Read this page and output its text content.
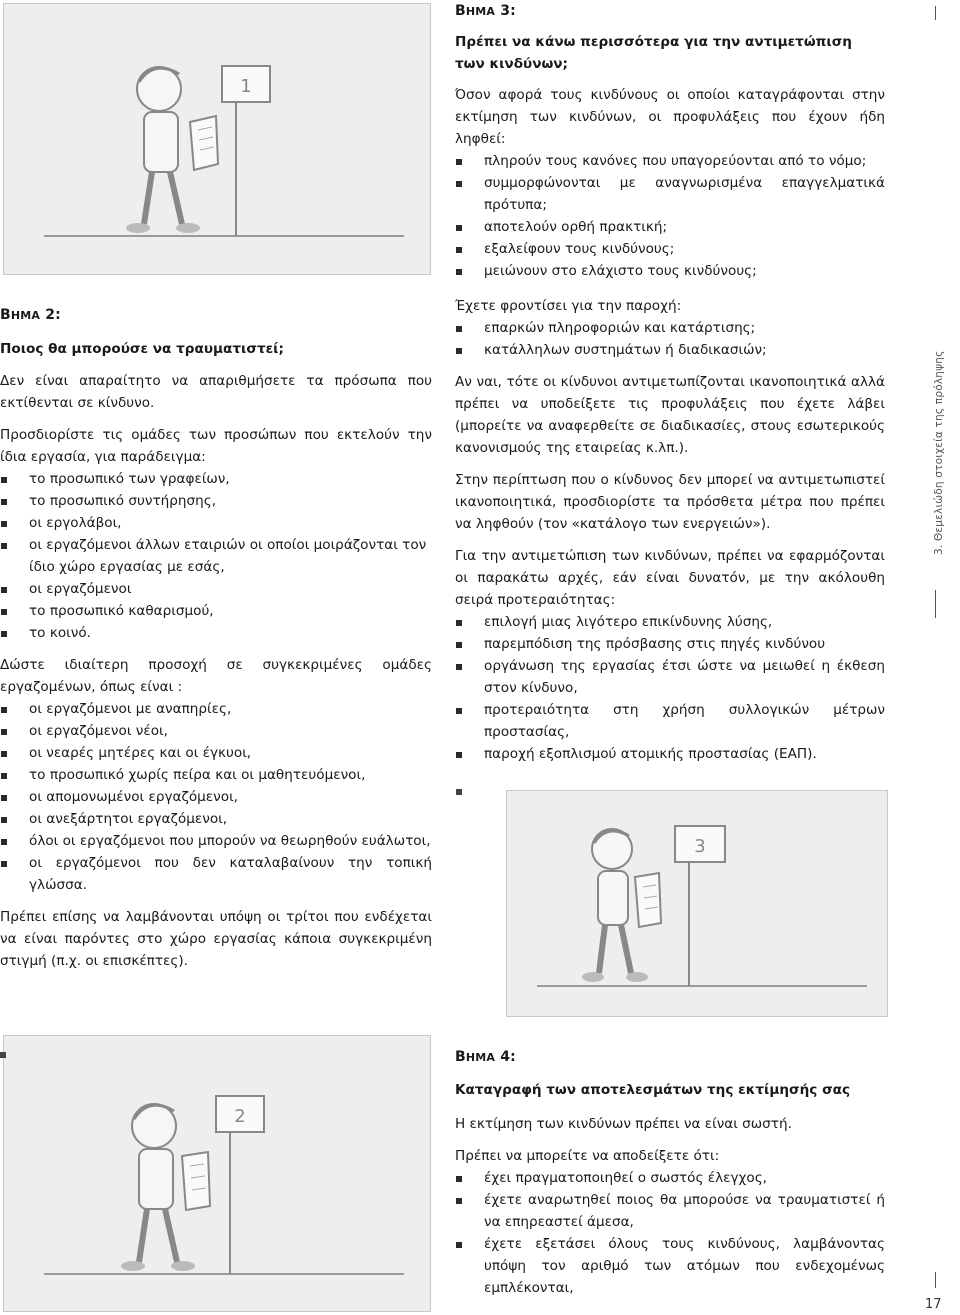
1

ΒΗΜΑ 2:

Ποιος θα μπορούσε να τραυματιστεί;

Δεν είναι απαραίτητο να απαριθμήσετε τα πρόσωπα που εκτίθενται σε κίνδυνο.

Προσδιορίστε τις ομάδες των προσώπων που εκτελούν την ίδια εργασία, για παράδειγμα:

το προσωπικό των γραφείων,
το προσωπικό συντήρησης,
οι εργολάβοι,
οι εργαζόμενοι άλλων εταιριών οι οποίοι μοιράζονται τον ίδιο χώρο εργασίας με εσάς,
οι εργαζόμενοι
το προσωπικό καθαρισμού,
το κοινό.

Δώστε ιδιαίτερη προσοχή σε συγκεκριμένες ομάδες εργαζομένων, όπως είναι :

οι εργαζόμενοι με αναπηρίες,
οι εργαζόμενοι νέοι,
οι νεαρές μητέρες και οι έγκυοι,
το προσωπικό χωρίς πείρα και οι μαθητευόμενοι,
οι απομονωμένοι εργαζόμενοι,
οι ανεξάρτητοι εργαζόμενοι,
όλοι οι εργαζόμενοι που μπορούν να θεωρηθούν ευάλωτοι,
οι εργαζόμενοι που δεν καταλαβαίνουν την τοπική γλώσσα.

Πρέπει επίσης να λαμβάνονται υπόψη οι τρίτοι που ενδέχεται να είναι παρόντες στο χώρο εργασίας κάποια συγκεκριμένη στιγμή (π.χ. οι επισκέπτες).

2

ΒΗΜΑ 3:

Πρέπει να κάνω περισσότερα για την αντιμετώπιση των κινδύνων;

Όσον αφορά τους κινδύνους οι οποίοι καταγράφονται στην εκτίμηση των κινδύνων, οι προφυλάξεις που έχουν ήδη ληφθεί:

πληρούν τους κανόνες που υπαγορεύονται από το νόμο;
συμμορφώνονται με αναγνωρισμένα επαγγελματικά πρότυπα;
αποτελούν ορθή πρακτική;
εξαλείφουν τους κινδύνους;
μειώνουν στο ελάχιστο τους κινδύνους;

Έχετε φροντίσει για την παροχή:

επαρκών πληροφοριών και κατάρτισης;
κατάλληλων συστημάτων ή διαδικασιών;

Αν ναι, τότε οι κίνδυνοι αντιμετωπίζονται ικανοποιητικά αλλά πρέπει να υποδείξετε τις προφυλάξεις που έχετε λάβει (μπορείτε να αναφερθείτε σε διαδικασίες, στους εσωτερικούς κανονισμούς της εταιρείας κ.λπ.).

Στην περίπτωση που ο κίνδυνος δεν μπορεί να αντιμετωπιστεί ικανοποιητικά, προσδιορίστε τα πρόσθετα μέτρα που πρέπει να ληφθούν (τον «κατάλογο των ενεργειών»).

Για την αντιμετώπιση των κινδύνων, πρέπει να εφαρμόζονται οι παρακάτω αρχές, εάν είναι δυνατόν, με την ακόλουθη σειρά προτεραιότητας:

επιλογή μιας λιγότερο επικίνδυνης λύσης,
παρεμπόδιση της πρόσβασης στις πηγές κινδύνου
οργάνωση της εργασίας έτσι ώστε να μειωθεί η έκθεση στον κίνδυνο,
προτεραιότητα στη χρήση συλλογικών μέτρων προστασίας,
παροχή εξοπλισμού ατομικής προστασίας (ΕΑΠ).
3

ΒΗΜΑ 4:

Καταγραφή των αποτελεσμάτων της εκτίμησής σας

Η εκτίμηση των κινδύνων πρέπει να είναι σωστή.

Πρέπει να μπορείτε να αποδείξετε ότι:

έχει πραγματοποιηθεί ο σωστός έλεγχος,
έχετε αναρωτηθεί ποιος θα μπορούσε να τραυματιστεί ή να επηρεαστεί άμεσα,
έχετε εξετάσει όλους τους κινδύνους, λαμβάνοντας υπόψη τον αριθμό των ατόμων που ενδεχομένως εμπλέκονται,
3. Θεμελιώδη στοιχεία της πρόληψης
17
